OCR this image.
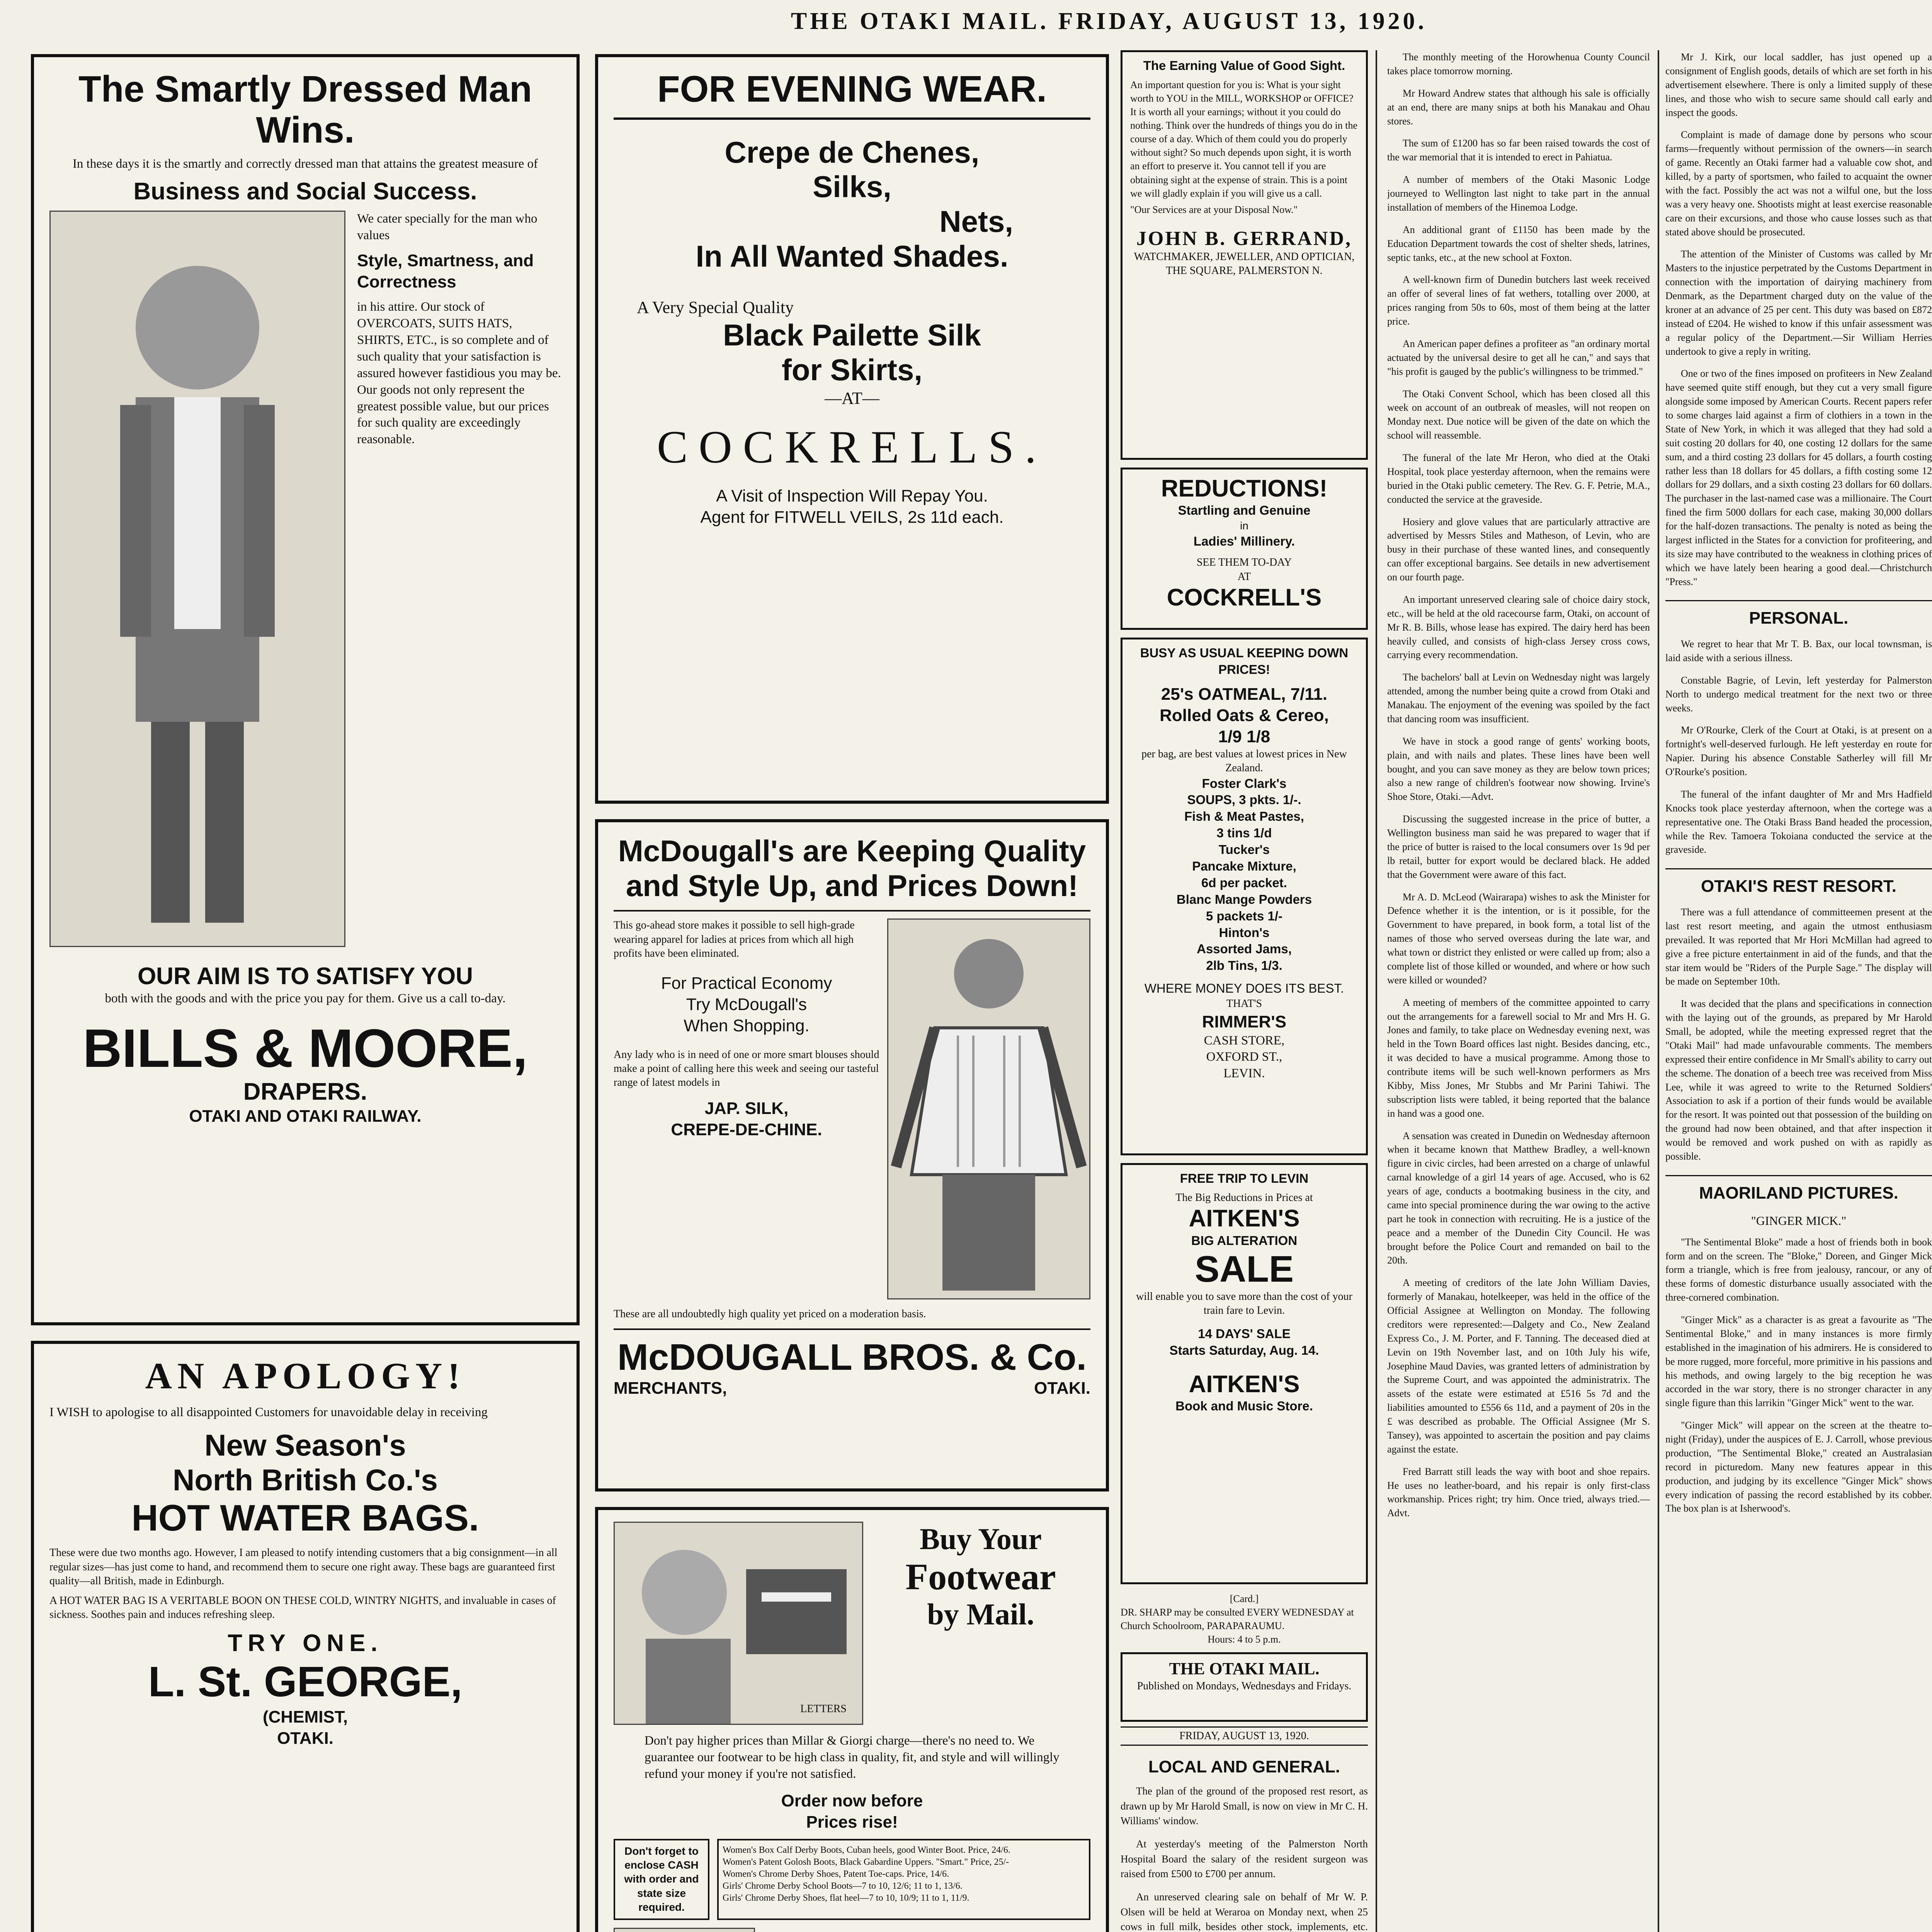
THE OTAKI MAIL. FRIDAY, AUGUST 13, 1920.
The Smartly Dressed Man Wins.
In these days it is the smartly and correctly dressed man that attains the greatest measure of
Business and Social Success.
We cater specially for the man who values
Style, Smartness, and Correctness
in his attire. Our stock of OVERCOATS, SUITS HATS, SHIRTS, ETC., is so complete and of such quality that your satisfaction is assured however fastidious you may be. Our goods not only represent the greatest possible value, but our prices for such quality are exceedingly reasonable.
OUR AIM IS TO SATISFY YOU
both with the goods and with the price you pay for them. Give us a call to-day.
BILLS & MOORE,
DRAPERS.
OTAKI AND OTAKI RAILWAY.
AN APOLOGY!
I WISH to apologise to all disappointed Customers for unavoidable delay in receiving
New Season's
North British Co.'s
HOT WATER BAGS.
These were due two months ago. However, I am pleased to notify intending customers that a big consignment—in all regular sizes—has just come to hand, and recommend them to secure one right away. These bags are guaranteed first quality—all British, made in Edinburgh.
A HOT WATER BAG IS A VERITABLE BOON ON THESE COLD, WINTRY NIGHTS, and invaluable in cases of sickness. Soothes pain and induces refreshing sleep.
TRY ONE.
L. St. GEORGE,
(CHEMIST,
OTAKI.
FOR EVENING WEAR.
Crepe de Chenes,
Silks,
Nets,
In All Wanted Shades.
A Very Special Quality
Black Pailette Silk
for Skirts,
—AT—
COCKRELLS.
A Visit of Inspection Will Repay You.
Agent for FITWELL VEILS, 2s 11d each.
McDougall's are Keeping Quality and Style Up, and Prices Down!
This go-ahead store makes it possible to sell high-grade wearing apparel for ladies at prices from which all high profits have been eliminated.
For Practical Economy
Try McDougall's
When Shopping.
Any lady who is in need of one or more smart blouses should make a point of calling here this week and seeing our tasteful range of latest models in
JAP. SILK,
CREPE-DE-CHINE.
These are all undoubtedly high quality yet priced on a moderation basis.
McDOUGALL BROS. & Co.
MERCHANTS,	OTAKI.
LETTERS
Buy Your
Footwear
by Mail.
Don't pay higher prices than Millar & Giorgi charge—there's no need to. We guarantee our footwear to be high class in quality, fit, and style and will willingly refund your money if you're not satisfied.
Order now before
Prices rise!
Don't forget to enclose CASH with order and state size required.
Women's Box Calf Derby Boots, Cuban heels, good Winter Boot. Price, 24/6.
Women's Patent Golosh Boots, Black Gabardine Uppers. "Smart." Price, 25/-
Women's Chrome Derby Shoes, Patent Toe-caps. Price, 14/6.
Girls' Chrome Derby School Boots—7 to 10, 12/6; 11 to 1, 13/6.
Girls' Chrome Derby Shoes, flat heel—7 to 10, 10/9; 11 to 1, 11/9.
The Earning Value of Good Sight.
An important question for you is: What is your sight worth to YOU in the MILL, WORKSHOP or OFFICE? It is worth all your earnings; without it you could do nothing. Think over the hundreds of things you do in the course of a day. Which of them could you do properly without sight? So much depends upon sight, it is worth an effort to preserve it. You cannot tell if you are obtaining sight at the expense of strain. This is a point we will gladly explain if you will give us a call.
"Our Services are at your Disposal Now."
JOHN B. GERRAND,
WATCHMAKER, JEWELLER, AND OPTICIAN,
THE SQUARE, PALMERSTON N.
REDUCTIONS!
Startling and Genuine
in
Ladies' Millinery.
SEE THEM TO-DAY
AT
COCKRELL'S
BUSY AS USUAL KEEPING DOWN PRICES!
25's OATMEAL, 7/11.
Rolled Oats & Cereo,
1/9 1/8
per bag, are best values at lowest prices in New Zealand.
Foster Clark's
SOUPS, 3 pkts. 1/-.
Fish & Meat Pastes,
3 tins 1/d
Tucker's
Pancake Mixture,
6d per packet.
Blanc Mange Powders
5 packets 1/-
Hinton's
Assorted Jams,
2lb Tins, 1/3.
WHERE MONEY DOES ITS BEST.
THAT'S
RIMMER'S
CASH STORE,
OXFORD ST.,
LEVIN.
FREE TRIP TO LEVIN
The Big Reductions in Prices at
AITKEN'S
BIG ALTERATION
SALE
will enable you to save more than the cost of your train fare to Levin.
14 DAYS' SALE
Starts Saturday, Aug. 14.
AITKEN'S
Book and Music Store.
[Card.]
DR. SHARP may be consulted EVERY WEDNESDAY at Church Schoolroom, PARAPARAUMU.
Hours: 4 to 5 p.m.
THE OTAKI MAIL.
Published on Mondays, Wednesdays and Fridays.
FRIDAY, AUGUST 13, 1920.
LOCAL AND GENERAL.

The plan of the ground of the proposed rest resort, as drawn up by Mr Harold Small, is now on view in Mr C. H. Williams' window.

At yesterday's meeting of the Palmerston North Hospital Board the salary of the resident surgeon was raised from £500 to £700 per annum.

An unreserved clearing sale on behalf of Mr W. P. Olsen will be held at Weraroa on Monday next, when 25 cows in full milk, besides other stock, implements, etc.

The monthly meeting of the Horowhenua County Council takes place tomorrow morning.

Mr Howard Andrew states that although his sale is officially at an end, there are many snips at both his Manakau and Ohau stores.

The sum of £1200 has so far been raised towards the cost of the war memorial that it is intended to erect in Pahiatua.

A number of members of the Otaki Masonic Lodge journeyed to Wellington last night to take part in the annual installation of members of the Hinemoa Lodge.

An additional grant of £1150 has been made by the Education Department towards the cost of shelter sheds, latrines, septic tanks, etc., at the new school at Foxton.

A well-known firm of Dunedin butchers last week received an offer of several lines of fat wethers, totalling over 2000, at prices ranging from 50s to 60s, most of them being at the latter price.

An American paper defines a profiteer as "an ordinary mortal actuated by the universal desire to get all he can," and says that "his profit is gauged by the public's willingness to be trimmed."

The Otaki Convent School, which has been closed all this week on account of an outbreak of measles, will not reopen on Monday next. Due notice will be given of the date on which the school will reassemble.

The funeral of the late Mr Heron, who died at the Otaki Hospital, took place yesterday afternoon, when the remains were buried in the Otaki public cemetery. The Rev. G. F. Petrie, M.A., conducted the service at the graveside.

Hosiery and glove values that are particularly attractive are advertised by Messrs Stiles and Matheson, of Levin, who are busy in their purchase of these wanted lines, and consequently can offer exceptional bargains. See details in new advertisement on our fourth page.

An important unreserved clearing sale of choice dairy stock, etc., will be held at the old racecourse farm, Otaki, on account of Mr R. B. Bills, whose lease has expired. The dairy herd has been heavily culled, and consists of high-class Jersey cross cows, carrying every recommendation.

The bachelors' ball at Levin on Wednesday night was largely attended, among the number being quite a crowd from Otaki and Manakau. The enjoyment of the evening was spoiled by the fact that dancing room was insufficient.

We have in stock a good range of gents' working boots, plain, and with nails and plates. These lines have been well bought, and you can save money as they are below town prices; also a new range of children's footwear now showing. Irvine's Shoe Store, Otaki.—Advt.

Discussing the suggested increase in the price of butter, a Wellington business man said he was prepared to wager that if the price of butter is raised to the local consumers over 1s 9d per lb retail, butter for export would be declared black. He added that the Government were aware of this fact.

Mr A. D. McLeod (Wairarapa) wishes to ask the Minister for Defence whether it is the intention, or is it possible, for the Government to have prepared, in book form, a total list of the names of those who served overseas during the late war, and what town or district they enlisted or were called up from; also a complete list of those killed or wounded, and where or how such were killed or wounded?

A meeting of members of the committee appointed to carry out the arrangements for a farewell social to Mr and Mrs H. G. Jones and family, to take place on Wednesday evening next, was held in the Town Board offices last night. Besides dancing, etc., it was decided to have a musical programme. Among those to contribute items will be such well-known performers as Mrs Kibby, Miss Jones, Mr Stubbs and Mr Parini Tahiwi. The subscription lists were tabled, it being reported that the balance in hand was a good one.

A sensation was created in Dunedin on Wednesday afternoon when it became known that Matthew Bradley, a well-known figure in civic circles, had been arrested on a charge of unlawful carnal knowledge of a girl 14 years of age. Accused, who is 62 years of age, conducts a bootmaking business in the city, and came into special prominence during the war owing to the active part he took in connection with recruiting. He is a justice of the peace and a member of the Dunedin City Council. He was brought before the Police Court and remanded on bail to the 20th.

A meeting of creditors of the late John William Davies, formerly of Manakau, hotelkeeper, was held in the office of the Official Assignee at Wellington on Monday. The following creditors were represented:—Dalgety and Co., New Zealand Express Co., J. M. Porter, and F. Tanning. The deceased died at Levin on 19th November last, and on 10th July his wife, Josephine Maud Davies, was granted letters of administration by the Supreme Court, and was appointed the administratrix. The assets of the estate were estimated at £516 5s 7d and the liabilities amounted to £556 6s 11d, and a payment of 20s in the £ was described as probable. The Official Assignee (Mr S. Tansey), was appointed to ascertain the position and pay claims against the estate.

Fred Barratt still leads the way with boot and shoe repairs. He uses no leather-board, and his repair is only first-class workmanship. Prices right; try him. Once tried, always tried.—Advt.

Mr J. Kirk, our local saddler, has just opened up a consignment of English goods, details of which are set forth in his advertisement elsewhere. There is only a limited supply of these lines, and those who wish to secure same should call early and inspect the goods.

Complaint is made of damage done by persons who scour farms—frequently without permission of the owners—in search of game. Recently an Otaki farmer had a valuable cow shot, and killed, by a party of sportsmen, who failed to acquaint the owner with the fact. Possibly the act was not a wilful one, but the loss was a very heavy one. Shootists might at least exercise reasonable care on their excursions, and those who cause losses such as that stated above should be prosecuted.

The attention of the Minister of Customs was called by Mr Masters to the injustice perpetrated by the Customs Department in connection with the importation of dairying machinery from Denmark, as the Department charged duty on the value of the kroner at an advance of 25 per cent. This duty was based on £872 instead of £204. He wished to know if this unfair assessment was a regular policy of the Department.—Sir William Herries undertook to give a reply in writing.

One or two of the fines imposed on profiteers in New Zealand have seemed quite stiff enough, but they cut a very small figure alongside some imposed by American Courts. Recent papers refer to some charges laid against a firm of clothiers in a town in the State of New York, in which it was alleged that they had sold a suit costing 20 dollars for 40, one costing 12 dollars for the same sum, and a third costing 23 dollars for 45 dollars, a fourth costing rather less than 18 dollars for 45 dollars, a fifth costing some 12 dollars for 29 dollars, and a sixth costing 23 dollars for 60 dollars. The purchaser in the last-named case was a millionaire. The Court fined the firm 5000 dollars for each case, making 30,000 dollars for the half-dozen transactions. The penalty is noted as being the largest inflicted in the States for a conviction for profiteering, and its size may have contributed to the weakness in clothing prices of which we have lately been hearing a good deal.—Christchurch "Press."

PERSONAL.

We regret to hear that Mr T. B. Bax, our local townsman, is laid aside with a serious illness.

Constable Bagrie, of Levin, left yesterday for Palmerston North to undergo medical treatment for the next two or three weeks.

Mr O'Rourke, Clerk of the Court at Otaki, is at present on a fortnight's well-deserved furlough. He left yesterday en route for Napier. During his absence Constable Satherley will fill Mr O'Rourke's position.

The funeral of the infant daughter of Mr and Mrs Hadfield Knocks took place yesterday afternoon, when the cortege was a representative one. The Otaki Brass Band headed the procession, while the Rev. Tamoera Tokoiana conducted the service at the graveside.

OTAKI'S REST RESORT.

There was a full attendance of committeemen present at the last rest resort meeting, and again the utmost enthusiasm prevailed. It was reported that Mr Hori McMillan had agreed to give a free picture entertainment in aid of the funds, and that the star item would be "Riders of the Purple Sage." The display will be made on September 10th.

It was decided that the plans and specifications in connection with the laying out of the grounds, as prepared by Mr Harold Small, be adopted, while the meeting expressed regret that the "Otaki Mail" had made unfavourable comments. The members expressed their entire confidence in Mr Small's ability to carry out the scheme. The donation of a beech tree was received from Miss Lee, while it was agreed to write to the Returned Soldiers' Association to ask if a portion of their funds would be available for the resort. It was pointed out that possession of the building on the ground had now been obtained, and that after inspection it would be removed and work pushed on with as rapidly as possible.

MAORILAND PICTURES.
"GINGER MICK."

"The Sentimental Bloke" made a host of friends both in book form and on the screen. The "Bloke," Doreen, and Ginger Mick form a triangle, which is free from jealousy, rancour, or any of these forms of domestic disturbance usually associated with the three-cornered combination.

"Ginger Mick" as a character is as great a favourite as "The Sentimental Bloke," and in many instances is more firmly established in the imagination of his admirers. He is considered to be more rugged, more forceful, more primitive in his passions and his methods, and owing largely to the big reception he was accorded in the war story, there is no stronger character in any single figure than this larrikin "Ginger Mick" went to the war.

"Ginger Mick" will appear on the screen at the theatre to-night (Friday), under the auspices of E. J. Carroll, whose previous production, "The Sentimental Bloke," created an Australasian record in picturedom. Many new features appear in this production, and judging by its excellence "Ginger Mick" shows every indication of passing the record established by its cobber. The box plan is at Isherwood's.
